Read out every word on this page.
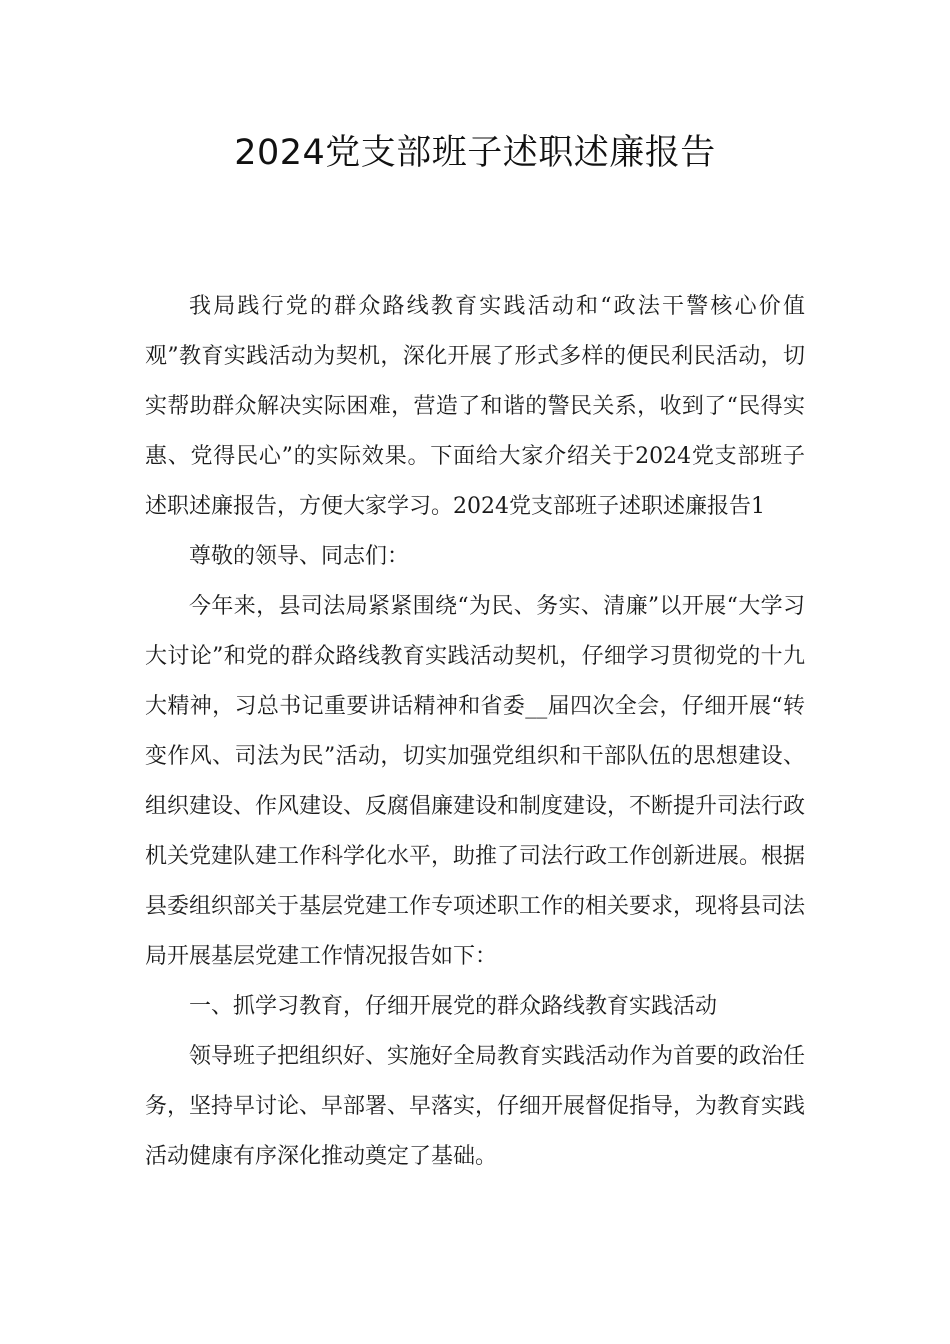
2024党支部班子述职述廉报告

我局践行党的群众路线教育实践活动和“政法干警核心价值观”教育实践活动为契机，深化开展了形式多样的便民利民活动，切实帮助群众解决实际困难，营造了和谐的警民关系，收到了“民得实惠、党得民心”的实际效果。下面给大家介绍关于2024党支部班子述职述廉报告，方便大家学习。2024党支部班子述职述廉报告1

尊敬的领导、同志们：

今年来，县司法局紧紧围绕“为民、务实、清廉”以开展“大学习大讨论”和党的群众路线教育实践活动契机，仔细学习贯彻党的十九大精神，习总书记重要讲话精神和省委__届四次全会，仔细开展“转变作风、司法为民”活动，切实加强党组织和干部队伍的思想建设、组织建设、作风建设、反腐倡廉建设和制度建设，不断提升司法行政机关党建队建工作科学化水平，助推了司法行政工作创新进展。根据县委组织部关于基层党建工作专项述职工作的相关要求，现将县司法局开展基层党建工作情况报告如下：

一、抓学习教育，仔细开展党的群众路线教育实践活动

领导班子把组织好、实施好全局教育实践活动作为首要的政治任务，坚持早讨论、早部署、早落实，仔细开展督促指导，为教育实践活动健康有序深化推动奠定了基础。
